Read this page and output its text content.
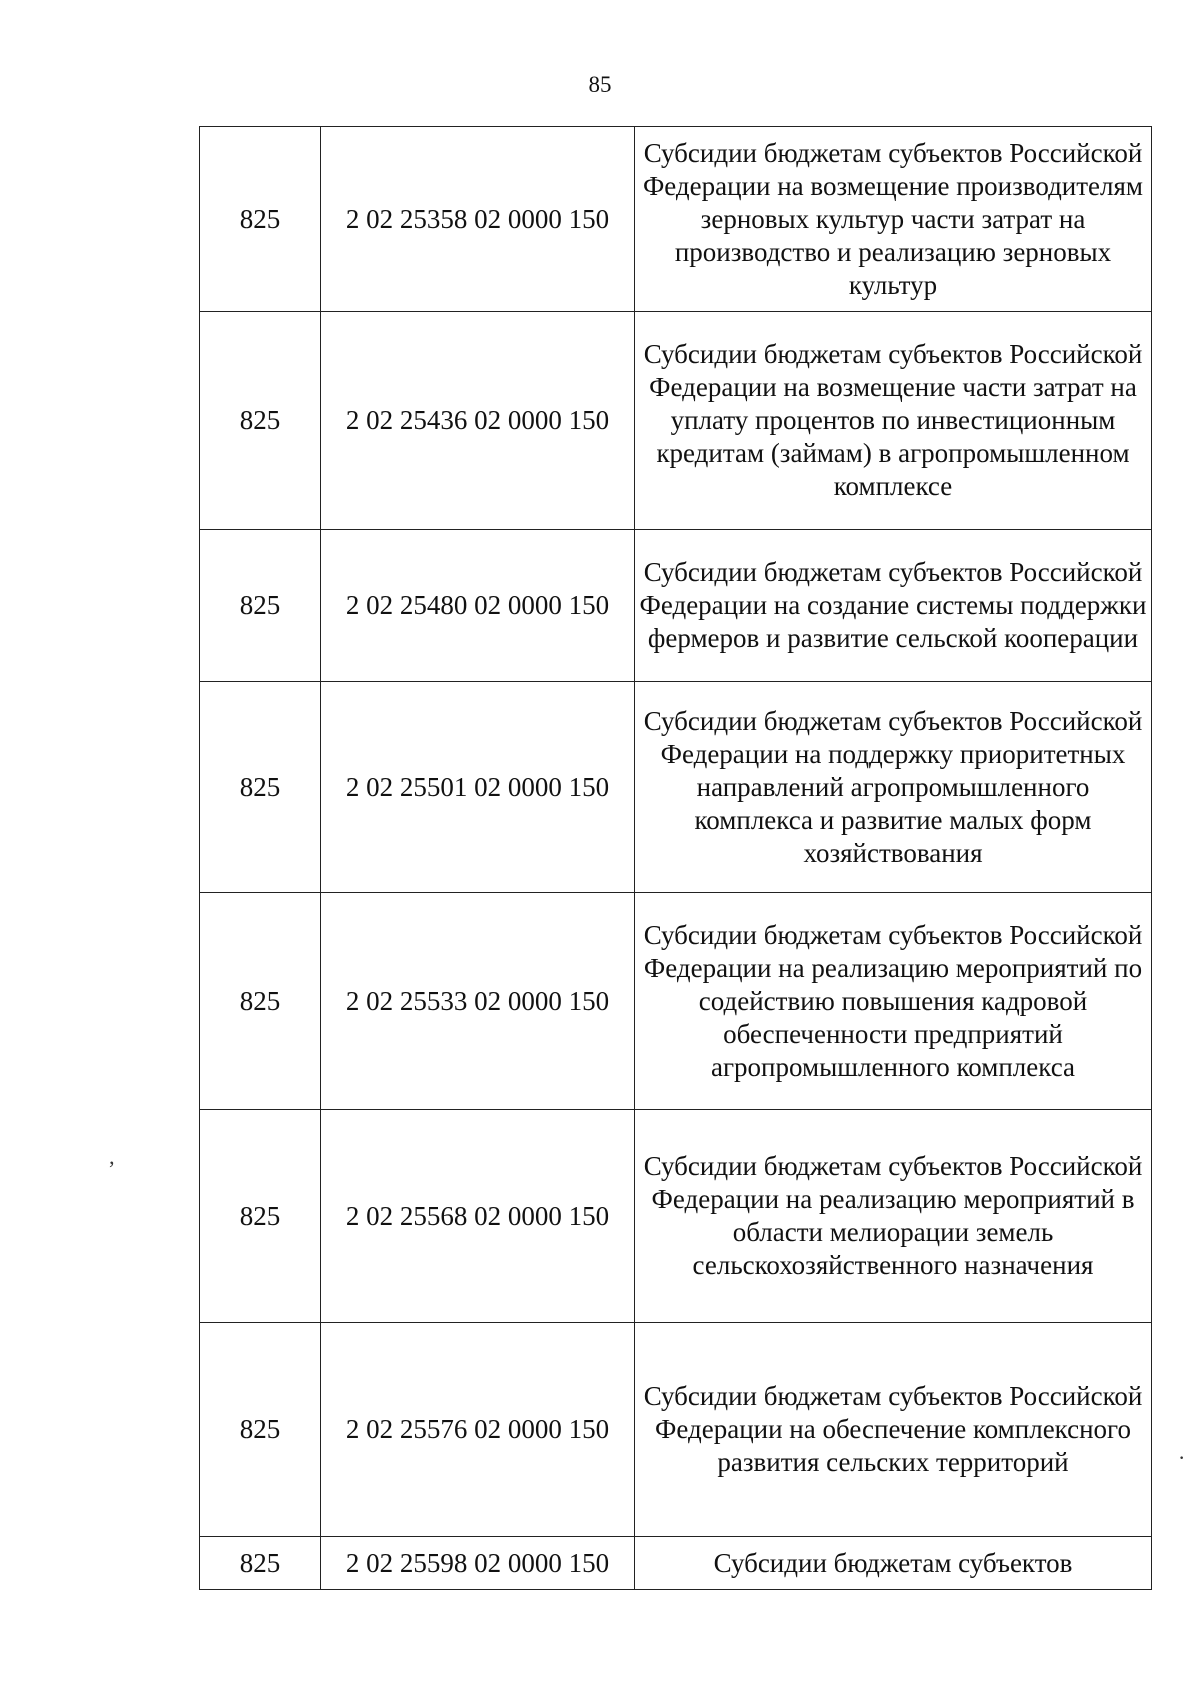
85
825	2 02 25358 02 0000 150	Субсидии бюджетам субъектов Российской Федерации на возмещение производителям зерновых культур части затрат на производство и реализацию зерновых культур
825	2 02 25436 02 0000 150	Субсидии бюджетам субъектов Российской Федерации на возмещение части затрат на уплату процентов по инвестиционным кредитам (займам) в агропромышленном комплексе
825	2 02 25480 02 0000 150	Субсидии бюджетам субъектов Российской Федерации на создание системы поддержки фермеров и развитие сельской кооперации
825	2 02 25501 02 0000 150	Субсидии бюджетам субъектов Российской Федерации на поддержку приоритетных направлений агропромышленного комплекса и развитие малых форм хозяйствования
825	2 02 25533 02 0000 150	Субсидии бюджетам субъектов Российской Федерации на реализацию мероприятий по содействию повышения кадровой обеспеченности предприятий агропромышленного комплекса
825	2 02 25568 02 0000 150	Субсидии бюджетам субъектов Российской Федерации на реализацию мероприятий в области мелиорации земель сельскохозяйственного назначения
825	2 02 25576 02 0000 150	Субсидии бюджетам субъектов Российской Федерации на обеспечение комплексного развития сельских территорий
825	2 02 25598 02 0000 150	Субсидии бюджетам субъектов
‚
·
